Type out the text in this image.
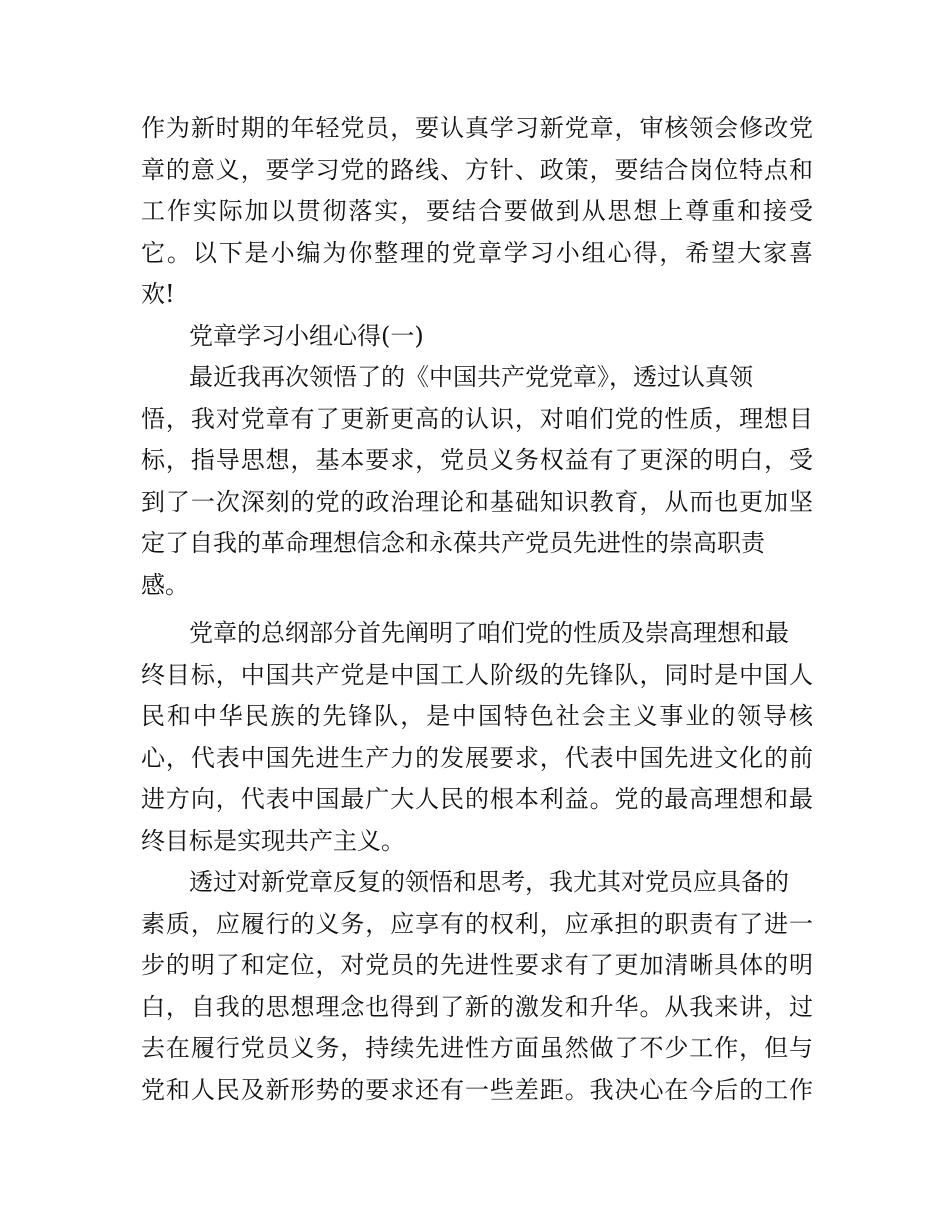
作为新时期的年轻党员，要认真学习新党章，审核领会修改党
章的意义，要学习党的路线、方针、政策，要结合岗位特点和
工作实际加以贯彻落实，要结合要做到从思想上尊重和接受
它。以下是小编为你整理的党章学习小组心得，希望大家喜
欢!
党章学习小组心得(一)
最近我再次领悟了的《中国共产党党章》，透过认真领
悟，我对党章有了更新更高的认识，对咱们党的性质，理想目
标，指导思想，基本要求，党员义务权益有了更深的明白，受
到了一次深刻的党的政治理论和基础知识教育，从而也更加坚
定了自我的革命理想信念和永葆共产党员先进性的崇高职责
感。
党章的总纲部分首先阐明了咱们党的性质及崇高理想和最
终目标，中国共产党是中国工人阶级的先锋队，同时是中国人
民和中华民族的先锋队，是中国特色社会主义事业的领导核
心，代表中国先进生产力的发展要求，代表中国先进文化的前
进方向，代表中国最广大人民的根本利益。党的最高理想和最
终目标是实现共产主义。
透过对新党章反复的领悟和思考，我尤其对党员应具备的
素质，应履行的义务，应享有的权利，应承担的职责有了进一
步的明了和定位，对党员的先进性要求有了更加清晰具体的明
白，自我的思想理念也得到了新的激发和升华。从我来讲，过
去在履行党员义务，持续先进性方面虽然做了不少工作，但与
党和人民及新形势的要求还有一些差距。我决心在今后的工作
